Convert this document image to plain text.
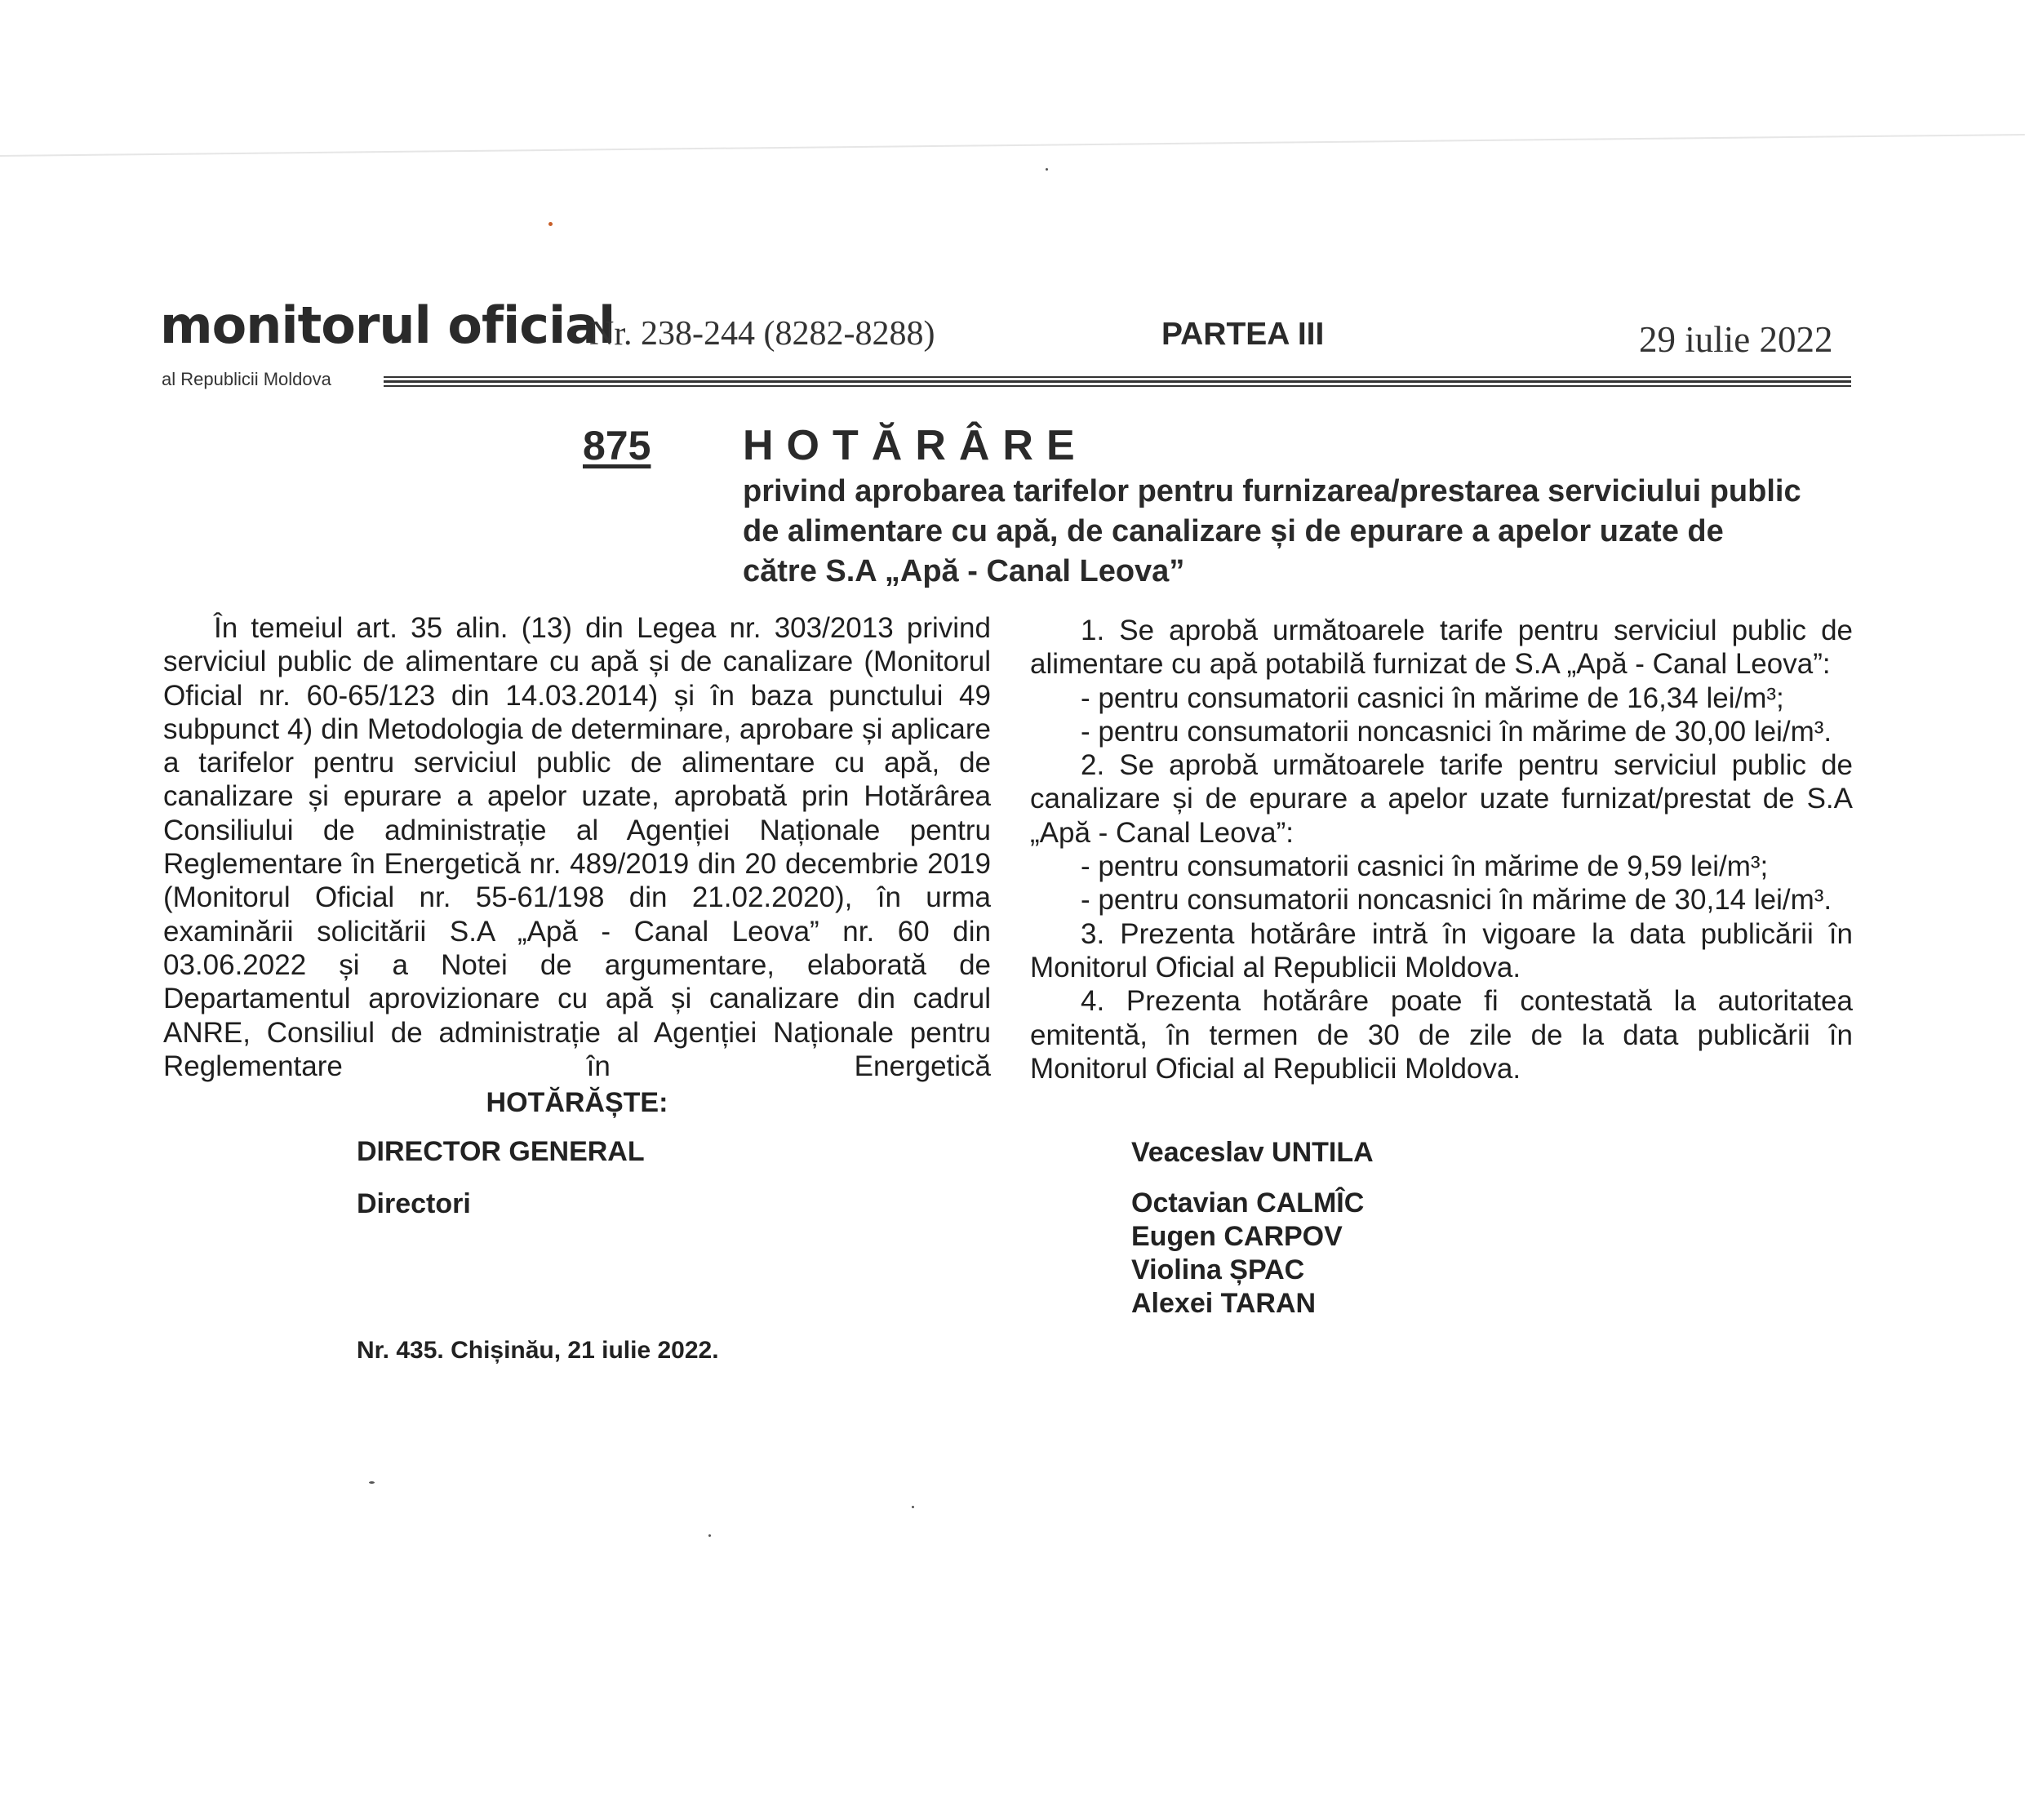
monitorul oficial
al Republicii Moldova
Nr. 238-244 (8282-8288)	PARTEA III	29 iulie 2022
875 HOTĂRÂRE
privind aprobarea tarifelor pentru furnizarea/prestarea serviciului public de alimentare cu apă, de canalizare și de epurare a apelor uzate de către S.A „Apă - Canal Leova”

În temeiul art. 35 alin. (13) din Legea nr. 303/2013 privind serviciul public de alimentare cu apă și de canalizare (Monitorul Oficial nr. 60-65/123 din 14.03.2014) și în baza punctului 49 subpunct 4) din Metodologia de determinare, aprobare și aplicare a tarifelor pentru serviciul public de alimentare cu apă, de canalizare și epurare a apelor uzate, aprobată prin Hotărârea Consiliului de administrație al Agenției Naționale pentru Reglementare în Energetică nr. 489/2019 din 20 decembrie 2019 (Monitorul Oficial nr. 55-61/198 din 21.02.2020), în urma examinării solicitării S.A „Apă - Canal Leova” nr. 60 din 03.06.2022 și a Notei de argumentare, elaborată de Departamentul aprovizionare cu apă și canalizare din cadrul ANRE, Consiliul de administrație al Agenției Naționale pentru Reglementare în Energetică

HOTĂRĂȘTE:

1. Se aprobă următoarele tarife pentru serviciul public de alimentare cu apă potabilă furnizat de S.A „Apă - Canal Leova”:

- pentru consumatorii casnici în mărime de 16,34 lei/m³;

- pentru consumatorii noncasnici în mărime de 30,00 lei/m³.

2. Se aprobă următoarele tarife pentru serviciul public de canalizare și de epurare a apelor uzate furnizat/prestat de S.A „Apă - Canal Leova”:

- pentru consumatorii casnici în mărime de 9,59 lei/m³;

- pentru consumatorii noncasnici în mărime de 30,14 lei/m³.

3. Prezenta hotărâre intră în vigoare la data publicării în Monitorul Oficial al Republicii Moldova.

4. Prezenta hotărâre poate fi contestată la autoritatea emitentă, în termen de 30 de zile de la data publicării în Monitorul Oficial al Republicii Moldova.

DIRECTOR GENERAL
Directori
Veaceslav UNTILA
Octavian CALMÎC
Eugen CARPOV
Violina ȘPAC
Alexei TARAN
Nr. 435. Chișinău, 21 iulie 2022.
